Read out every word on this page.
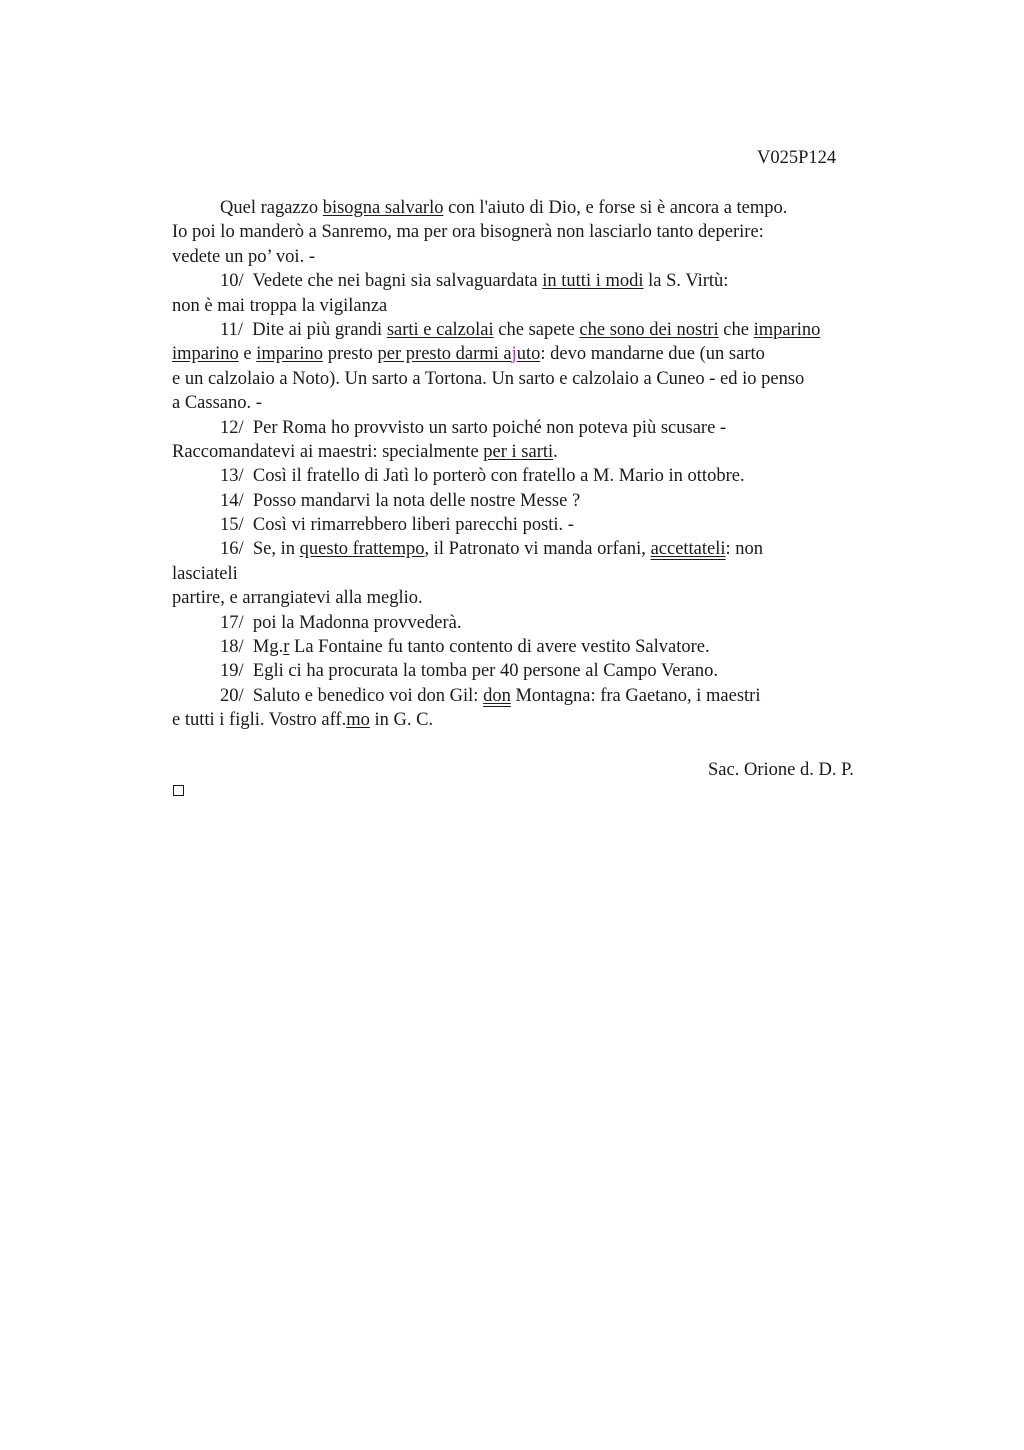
V025P124
Quel ragazzo bisogna salvarlo con l'aiuto di Dio, e forse si è ancora a tempo.
Io poi lo manderò a Sanremo, ma per ora bisognerà non lasciarlo tanto deperire:
vedete un po’ voi. -
10/  Vedete che nei bagni sia salvaguardata in tutti i modi la S. Virtù:
non è mai troppa la vigilanza
11/  Dite ai più grandi sarti e calzolai che sapete che sono dei nostri che imparino
imparino e imparino presto per presto darmi ajuto: devo mandarne due (un sarto
e un calzolaio a Noto). Un sarto a Tortona. Un sarto e calzolaio a Cuneo - ed io penso
a Cassano. -
12/  Per Roma ho provvisto un sarto poiché non poteva più scusare -
Raccomandatevi ai maestri: specialmente per i sarti.
13/  Così il fratello di Jatì lo porterò con fratello a M. Mario in ottobre.
14/  Posso mandarvi la nota delle nostre Messe ?
15/  Così vi rimarrebbero liberi parecchi posti. -
16/  Se, in questo frattempo, il Patronato vi manda orfani, accettateli: non
lasciateli
partire, e arrangiatevi alla meglio.
17/  poi la Madonna provvederà.
18/  Mg.r La Fontaine fu tanto contento di avere vestito Salvatore.
19/  Egli ci ha procurata la tomba per 40 persone al Campo Verano.
20/  Saluto e benedico voi don Gil: don Montagna: fra Gaetano, i maestri
e tutti i figli. Vostro aff.mo in G. C.
Sac. Orione d. D. P.
